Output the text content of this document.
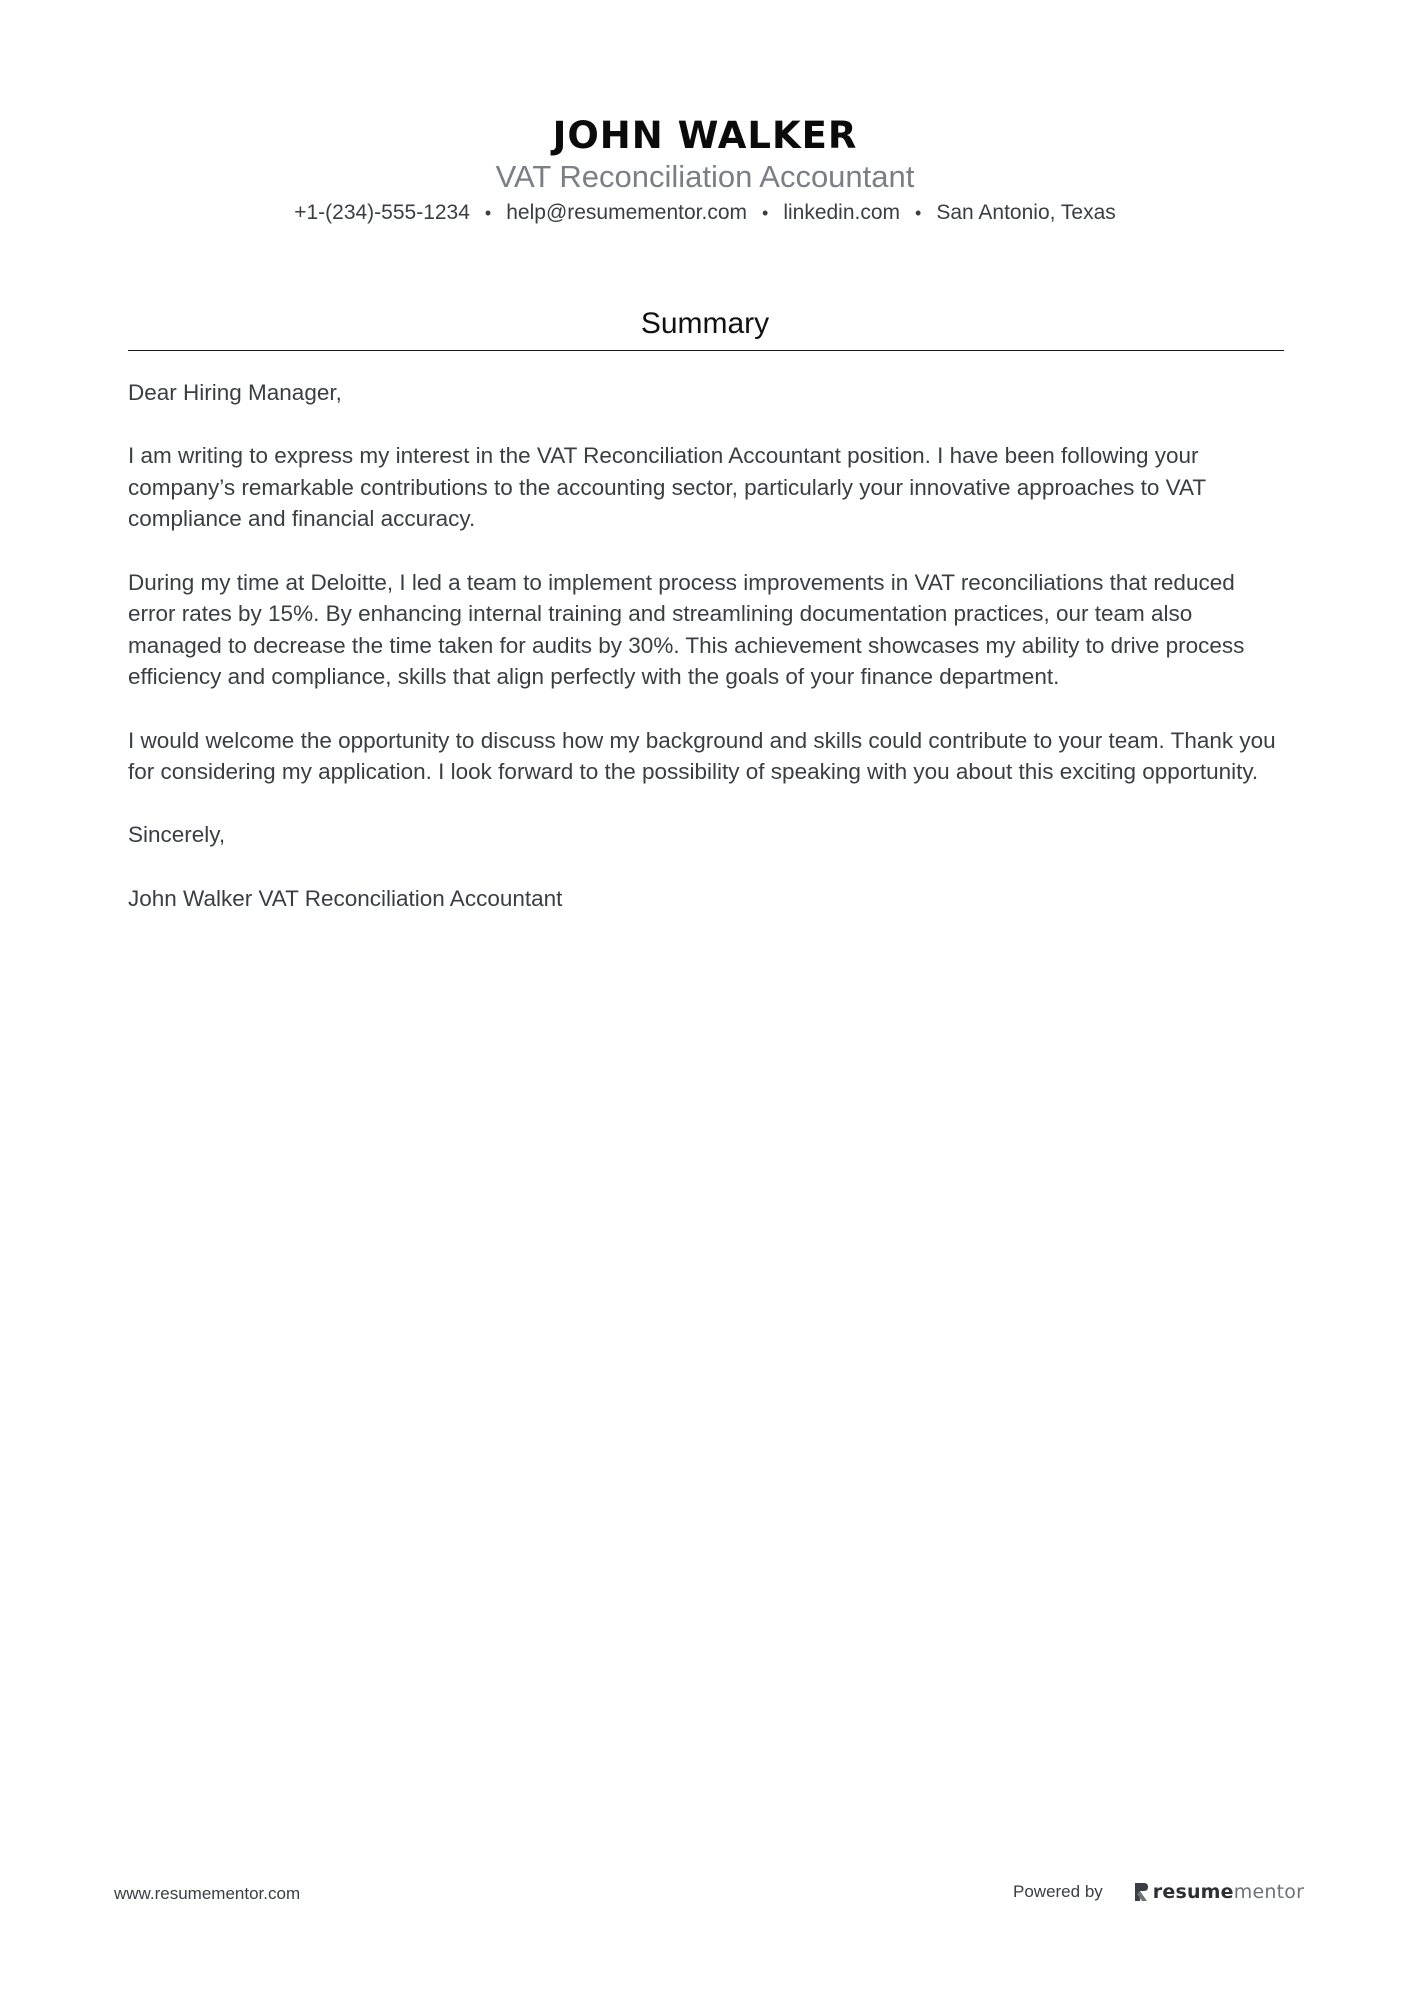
JOHN WALKER
VAT Reconciliation Accountant
+1-(234)-555-1234 • help@resumementor.com • linkedin.com • San Antonio, Texas
Summary

Dear Hiring Manager,

I am writing to express my interest in the VAT Reconciliation Accountant position. I have been following your company’s remarkable contributions to the accounting sector, particularly your innovative approaches to VAT compliance and financial accuracy.

During my time at Deloitte, I led a team to implement process improvements in VAT reconciliations that reduced error rates by 15%. By enhancing internal training and streamlining documentation practices, our team also managed to decrease the time taken for audits by 30%. This achievement showcases my ability to drive process efficiency and compliance, skills that align perfectly with the goals of your finance department.

I would welcome the opportunity to discuss how my background and skills could contribute to your team. Thank you for considering my application. I look forward to the possibility of speaking with you about this exciting opportunity.

Sincerely,

John Walker VAT Reconciliation Accountant

www.resumementor.com	Powered by	resumementor
